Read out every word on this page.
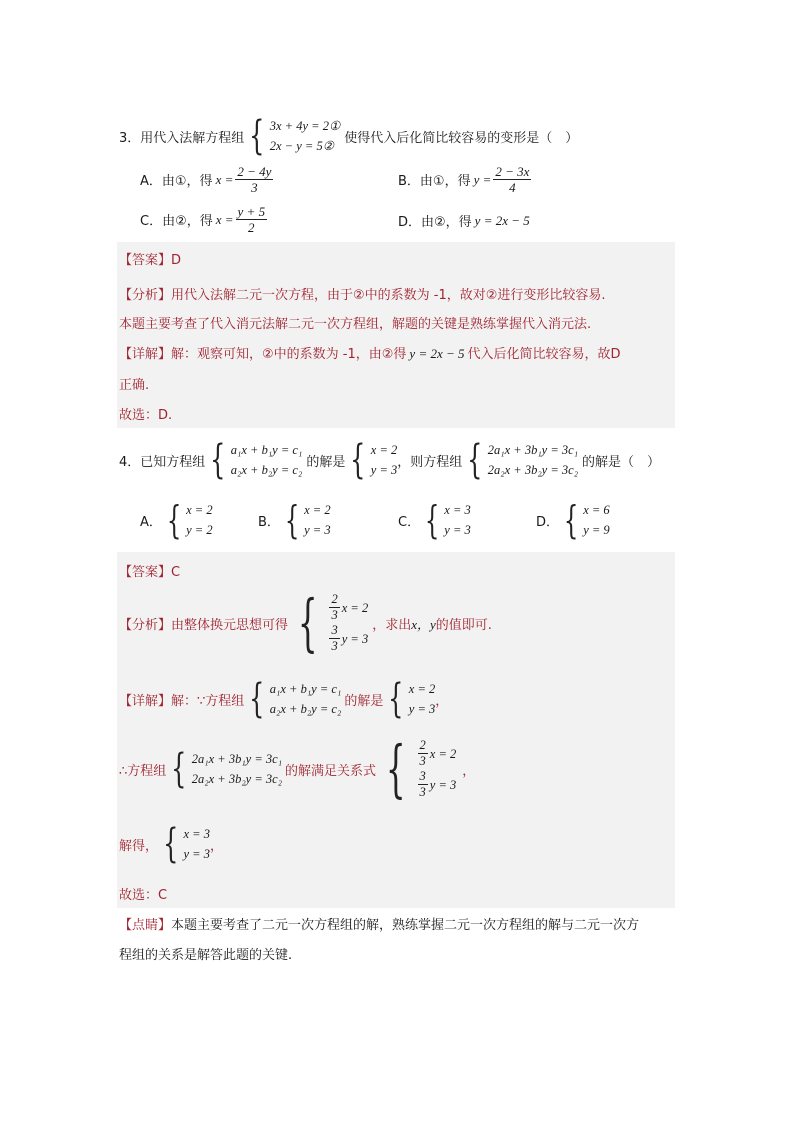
3． 用代入法解方程组 { 3x + 4y = 2①
2x − y = 5②
使得代入后化简比较容易的变形是（　）
A．由①，得 $x = \frac{2 - 4y}{3}$	B．由①，得 $y = \frac{2 - 3x}{4}$
C．由②，得 $x = \frac{y + 5}{2}$	D．由②，得 y = 2x − 5
【答案】D
【分析】用代入法解二元一次方程，由于②中的系数为 -1，故对②进行变形比较容易.
本题主要考查了代入消元法解二元一次方程组，解题的关键是熟练掌握代入消元法.
【详解】解：观察可知，②中的系数为 -1，由②得 y = 2x − 5 代入后化简比较容易，故D
正确.
故选：D.
4． 已知方程组 { a₁x + b₁y = c₁
a₂x + b₂y = c₂
的解是 { x = 2
y = 3
，则方程组 { 2a₁x + 3b₁y = 3c₁
2a₂x + 3b₂y = 3c₂
的解是（　）
A． { x = 2
y = 2
B． { x = 2
y = 3
C． { x = 3
y = 3
D． { x = 6
y = 9
【答案】C
【分析】 由整体换元思想可得 { $\frac{2}{3}$ x = 2
$\frac{3}{3}$ y = 3
，求出 x，y 的值即可.
【详解】 解：∵方程组 { a₁x + b₁y = c₁
a₂x + b₂y = c₂
的解是 { x = 2
y = 3
，
∴方程组 { 2a₁x + 3b₁y = 3c₁
2a₂x + 3b₂y = 3c₂
的解满足关系式 { $\frac{2}{3}$ x = 2
$\frac{3}{3}$ y = 3
，
解得， { x = 3
y = 3
，
故选：C
【点睛】本题主要考查了二元一次方程组的解，熟练掌握二元一次方程组的解与二元一次方
程组的关系是解答此题的关键.
